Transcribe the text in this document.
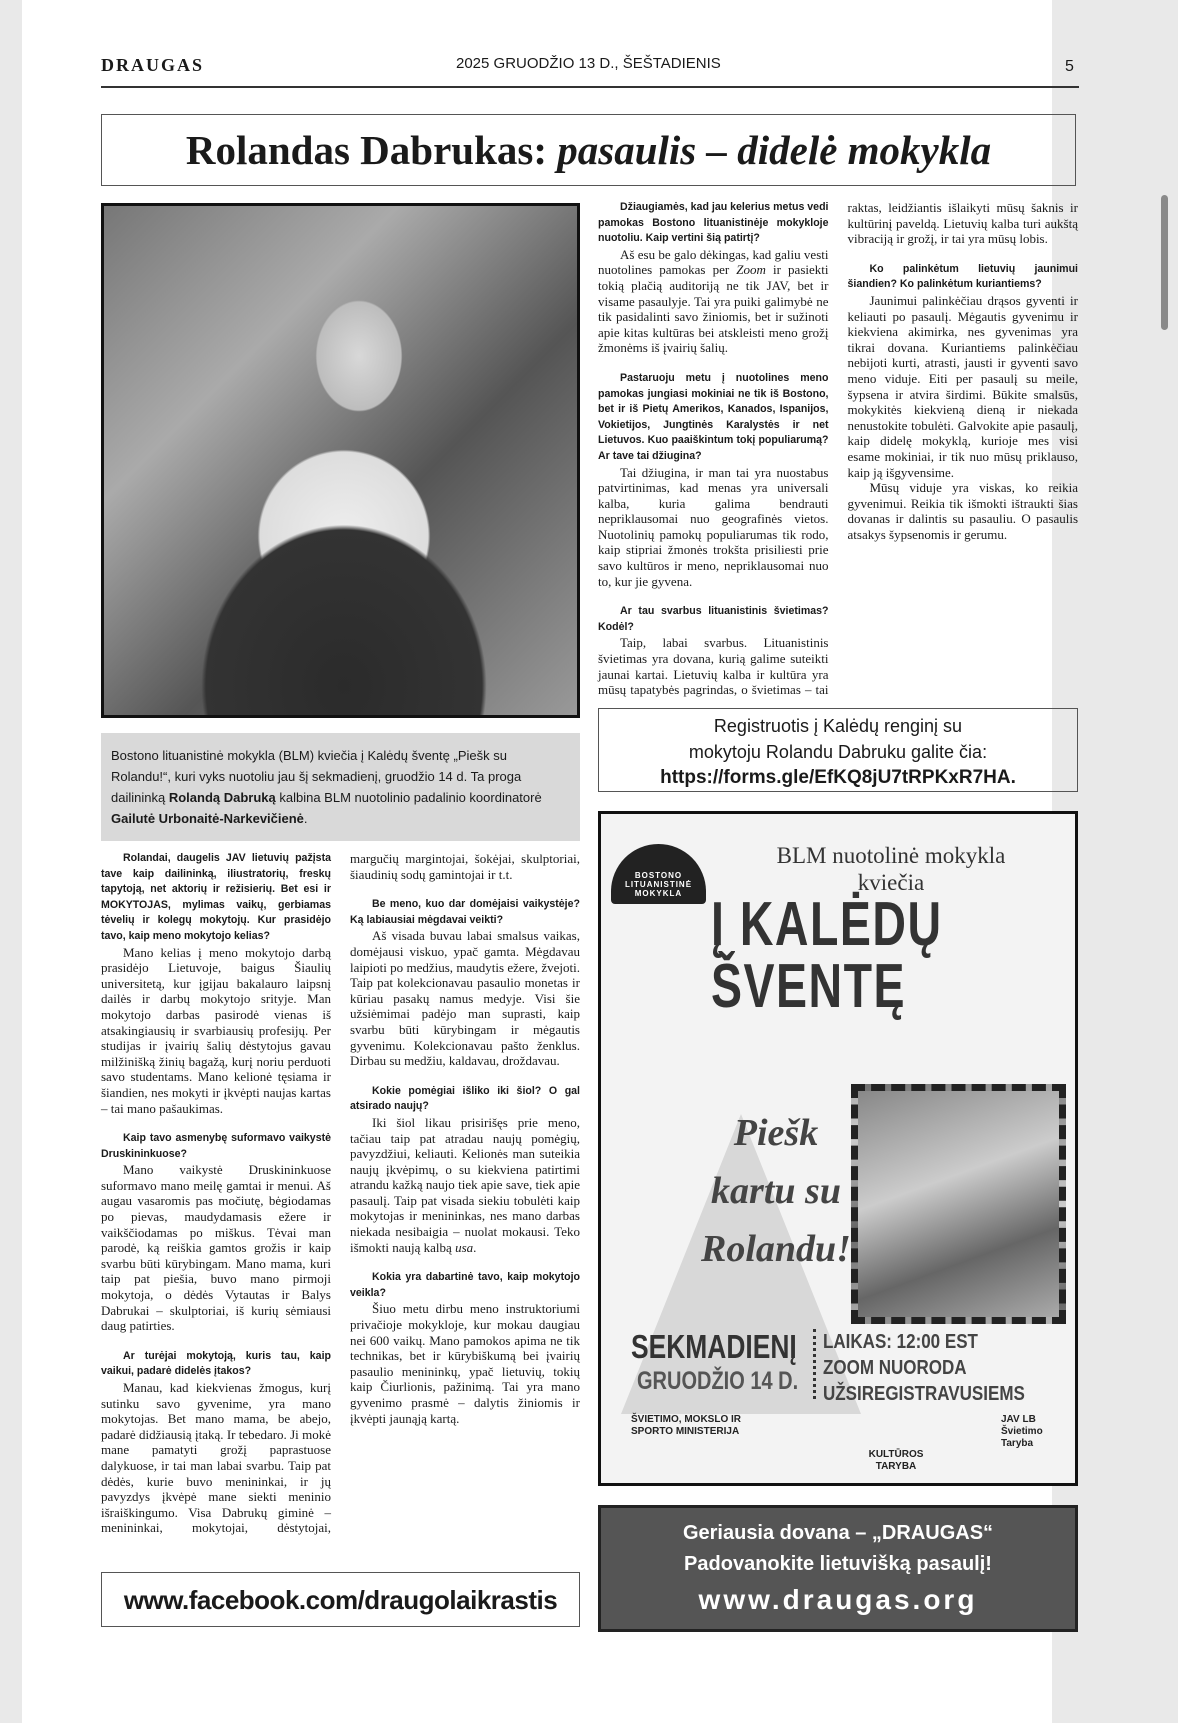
DRAUGAS	2025 GRUODŽIO 13 D., ŠEŠTADIENIS	5
Rolandas Dabrukas: pasaulis – didelė mokykla
Bostono lituanistinė mokykla (BLM) kviečia į Kalėdų šventę „Piešk su Rolandu!“, kuri vyks nuotoliu jau šį sekmadienį, gruodžio 14 d. Ta proga dailininką Rolandą Dabruką kalbina BLM nuotolinio padalinio koordinatorė Gailutė Urbonaitė-Narkevičienė.

Rolandai, daugelis JAV lietuvių pažįsta tave kaip dailininką, iliustratorių, freskų tapytoją, net aktorių ir režisierių. Bet esi ir MOKYTOJAS, mylimas vaikų, gerbiamas tėvelių ir kolegų mokytojų. Kur prasidėjo tavo, kaip meno mokytojo kelias?

Mano kelias į meno mokytojo darbą prasidėjo Lietuvoje, baigus Šiaulių universitetą, kur įgijau bakalauro laipsnį dailės ir darbų mokytojo srityje. Man mokytojo darbas pasirodė vienas iš atsakingiausių ir svarbiausių profesijų. Per studijas ir įvairių šalių dėstytojus gavau milžinišką žinių bagažą, kurį noriu perduoti savo studentams. Mano kelionė tęsiama ir šiandien, nes mokyti ir įkvėpti naujas kartas – tai mano pašaukimas.

Kaip tavo asmenybę suformavo vaikystė Druskininkuose?

Mano vaikystė Druskininkuose suformavo mano meilę gamtai ir menui. Aš augau vasaromis pas močiutę, bėgiodamas po pievas, maudydamasis ežere ir vaikščiodamas po miškus. Tėvai man parodė, ką reiškia gamtos grožis ir kaip svarbu būti kūrybingam. Mano mama, kuri taip pat piešia, buvo mano pirmoji mokytoja, o dėdės Vytautas ir Balys Dabrukai – skulptoriai, iš kurių sėmiausi daug patirties.

Ar turėjai mokytoją, kuris tau, kaip vaikui, padarė didelės įtakos?

Manau, kad kiekvienas žmogus, kurį sutinku savo gyvenime, yra mano mokytojas. Bet mano mama, be abejo, padarė didžiausią įtaką. Ir tebedaro. Ji mokė mane pamatyti grožį paprastuose dalykuose, ir tai man labai svarbu. Taip pat dėdės, kurie buvo menininkai, ir jų pavyzdys įkvėpė mane siekti meninio išraiškingumo. Visa Dabrukų giminė – menininkai, mokytojai, dėstytojai, margučių margintojai, šokėjai, skulptoriai, šiaudinių sodų gamintojai ir t.t.

Be meno, kuo dar domėjaisi vaikystėje? Ką labiausiai mėgdavai veikti?

Aš visada buvau labai smalsus vaikas, domėjausi viskuo, ypač gamta. Mėgdavau laipioti po medžius, maudytis ežere, žvejoti. Taip pat kolekcionavau pasaulio monetas ir kūriau pasakų namus medyje. Visi šie užsiėmimai padėjo man suprasti, kaip svarbu būti kūrybingam ir mėgautis gyvenimu. Kolekcionavau pašto ženklus. Dirbau su medžiu, kaldavau, droždavau.

Kokie pomėgiai išliko iki šiol? O gal atsirado naujų?

Iki šiol likau prisirišęs prie meno, tačiau taip pat atradau naujų pomėgių, pavyzdžiui, keliauti. Kelionės man suteikia naujų įkvėpimų, o su kiekviena patirtimi atrandu kažką naujo tiek apie save, tiek apie pasaulį. Taip pat visada siekiu tobulėti kaip mokytojas ir menininkas, nes mano darbas niekada nesibaigia – nuolat mokausi. Teko išmokti naują kalbą usa.

Kokia yra dabartinė tavo, kaip mokytojo veikla?

Šiuo metu dirbu meno instruktoriumi privačioje mokykloje, kur mokau daugiau nei 600 vaikų. Mano pamokos apima ne tik technikas, bet ir kūrybiškumą bei įvairių pasaulio menininkų, ypač lietuvių, tokių kaip Čiurlionis, pažinimą. Tai yra mano gyvenimo prasmė – dalytis žiniomis ir įkvėpti jaunąją kartą.

Džiaugiamės, kad jau kelerius metus vedi pamokas Bostono lituanistinėje mokykloje nuotoliu. Kaip vertini šią patirtį?

Aš esu be galo dėkingas, kad galiu vesti nuotolines pamokas per Zoom ir pasiekti tokią plačią auditoriją ne tik JAV, bet ir visame pasaulyje. Tai yra puiki galimybė ne tik pasidalinti savo žiniomis, bet ir sužinoti apie kitas kultūras bei atskleisti meno grožį žmonėms iš įvairių šalių.

Pastaruoju metu į nuotolines meno pamokas jungiasi mokiniai ne tik iš Bostono, bet ir iš Pietų Amerikos, Kanados, Ispanijos, Vokietijos, Jungtinės Karalystės ir net Lietuvos. Kuo paaiškintum tokį populiarumą? Ar tave tai džiugina?

Tai džiugina, ir man tai yra nuostabus patvirtinimas, kad menas yra universali kalba, kuria galima bendrauti nepriklausomai nuo geografinės vietos. Nuotolinių pamokų populiarumas tik rodo, kaip stipriai žmonės trokšta prisiliesti prie savo kultūros ir meno, nepriklausomai nuo to, kur jie gyvena.

Ar tau svarbus lituanistinis švietimas? Kodėl?

Taip, labai svarbus. Lituanistinis švietimas yra dovana, kurią galime suteikti jaunai kartai. Lietuvių kalba ir kultūra yra mūsų tapatybės pagrindas, o švietimas – tai raktas, leidžiantis išlaikyti mūsų šaknis ir kultūrinį paveldą. Lietuvių kalba turi aukštą vibraciją ir grožį, ir tai yra mūsų lobis.

Ko palinkėtum lietuvių jaunimui šiandien? Ko palinkėtum kuriantiems?

Jaunimui palinkėčiau drąsos gyventi ir keliauti po pasaulį. Mėgautis gyvenimu ir kiekviena akimirka, nes gyvenimas yra tikrai dovana. Kuriantiems palinkėčiau nebijoti kurti, atrasti, jausti ir gyventi savo meno viduje. Eiti per pasaulį su meile, šypsena ir atvira širdimi. Būkite smalsūs, mokykitės kiekvieną dieną ir niekada nenustokite tobulėti. Galvokite apie pasaulį, kaip didelę mokyklą, kurioje mes visi esame mokiniai, ir tik nuo mūsų priklauso, kaip ją išgyvensime.

Mūsų viduje yra viskas, ko reikia gyvenimui. Reikia tik išmokti ištraukti šias dovanas ir dalintis su pasauliu. O pasaulis atsakys šypsenomis ir gerumu.

Registruotis į Kalėdų renginį su
mokytoju Rolandu Dabruku galite čia:
https://forms.gle/EfKQ8jU7tRPKxR7HA.
BOSTONO LITUANISTINĖ MOKYKLA
BLM nuotolinė mokykla
kviečia
Į KALĖDŲ
ŠVENTĘ
Piešk
kartu su
Rolandu!
SEKMADIENĮ
GRUODŽIO 14 D.
LAIKAS: 12:00 EST
ZOOM NUORODA
UŽSIREGISTRAVUSIEMS
ŠVIETIMO, MOKSLO IR SPORTO MINISTERIJA
KULTŪROS TARYBA
JAV LB Švietimo Taryba
www.facebook.com/draugolaikrastis
Geriausia dovana – „DRAUGAS“
Padovanokite lietuvišką pasaulį!
www.draugas.org
